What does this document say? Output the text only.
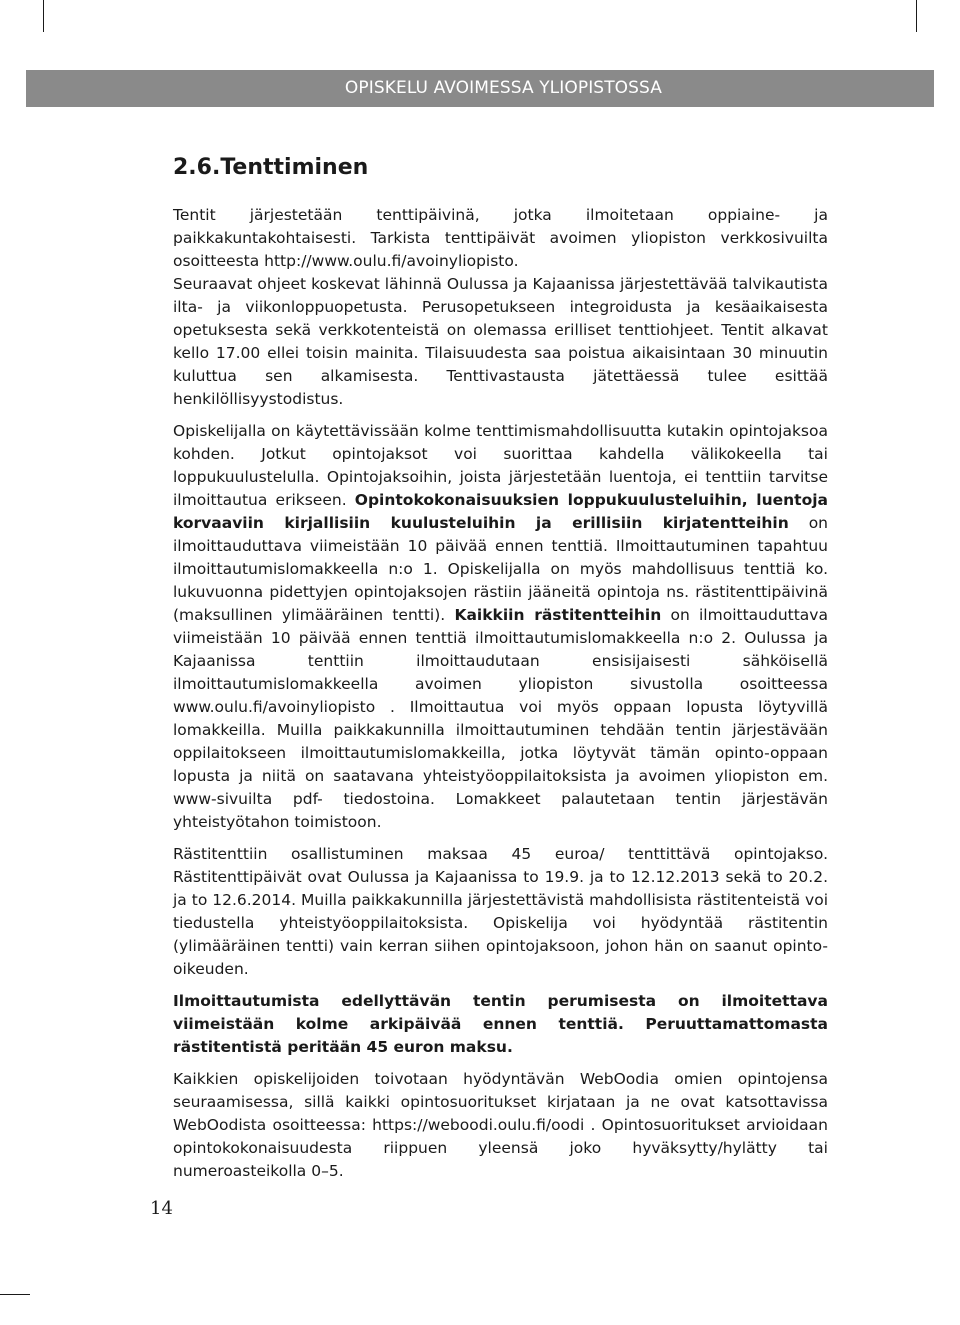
OPISKELU AVOIMESSA YLIOPISTOSSA
2.6.Tenttiminen

Tentit järjestetään tenttipäivinä, jotka ilmoitetaan oppiaine- ja paikkakuntakohtaisesti. Tarkista tenttipäivät avoimen yliopiston verkkosivuilta osoitteesta http://www.oulu.fi/avoinyliopisto.

Seuraavat ohjeet koskevat lähinnä Oulussa ja Kajaanissa järjestettävää talvikautista ilta- ja viikonloppuopetusta. Perusopetukseen integroidusta ja kesäaikaisesta opetuksesta sekä verkkotenteistä on olemassa erilliset tenttiohjeet. Tentit alkavat kello 17.00 ellei toisin mainita. Tilaisuudesta saa poistua aikaisintaan 30 minuutin kuluttua sen alkamisesta. Tenttivastausta jätettäessä tulee esittää henkilöllisyystodistus.

Opiskelijalla on käytettävissään kolme tenttimismahdollisuutta kutakin opintojaksoa kohden. Jotkut opintojaksot voi suorittaa kahdella välikokeella tai loppukuulustelulla. Opintojaksoihin, joista järjestetään luentoja, ei tenttiin tarvitse ilmoittautua erikseen. Opintokokonaisuuksien loppukuulusteluihin, luentoja korvaaviin kirjallisiin kuulusteluihin ja erillisiin kirjatentteihin on ilmoittauduttava viimeistään 10 päivää ennen tenttiä. Ilmoittautuminen tapahtuu ilmoittautumislomakkeella n:o 1. Opiskelijalla on myös mahdollisuus tenttiä ko. lukuvuonna pidettyjen opintojaksojen rästiin jääneitä opintoja ns. rästitenttipäivinä (maksullinen ylimääräinen tentti). Kaikkiin rästitentteihin on ilmoittauduttava viimeistään 10 päivää ennen tenttiä ilmoittautumislomakkeella n:o 2. Oulussa ja Kajaanissa tenttiin ilmoittaudutaan ensisijaisesti sähköisellä ilmoittautumislomakkeella avoimen yliopiston sivustolla osoitteessa www.oulu.fi/avoinyliopisto . Ilmoittautua voi myös oppaan lopusta löytyvillä lomakkeilla. Muilla paikkakunnilla ilmoittautuminen tehdään tentin järjestävään oppilaitokseen ilmoittautumislomakkeilla, jotka löytyvät tämän opinto-oppaan lopusta ja niitä on saatavana yhteistyöoppilaitoksista ja avoimen yliopiston em. www-sivuilta pdf- tiedostoina. Lomakkeet palautetaan tentin järjestävän yhteistyötahon toimistoon.

Rästitenttiin osallistuminen maksaa 45 euroa/ tenttittävä opintojakso. Rästitenttipäivät ovat Oulussa ja Kajaanissa to 19.9. ja to 12.12.2013 sekä to 20.2. ja to 12.6.2014. Muilla paikkakunnilla järjestettävistä mahdollisista rästitenteistä voi tiedustella yhteistyöoppilaitoksista. Opiskelija voi hyödyntää rästitentin (ylimääräinen tentti) vain kerran siihen opintojaksoon, johon hän on saanut opinto-oikeuden.

Ilmoittautumista edellyttävän tentin perumisesta on ilmoitettava viimeistään kolme arkipäivää ennen tenttiä. Peruuttamattomasta rästitentistä peritään 45 euron maksu.

Kaikkien opiskelijoiden toivotaan hyödyntävän WebOodia omien opintojensa seuraamisessa, sillä kaikki opintosuoritukset kirjataan ja ne ovat katsottavissa WebOodista osoitteessa: https://weboodi.oulu.fi/oodi . Opintosuoritukset arvioidaan opintokokonaisuudesta riippuen yleensä joko hyväksytty/hylätty tai numeroasteikolla 0–5.

14
